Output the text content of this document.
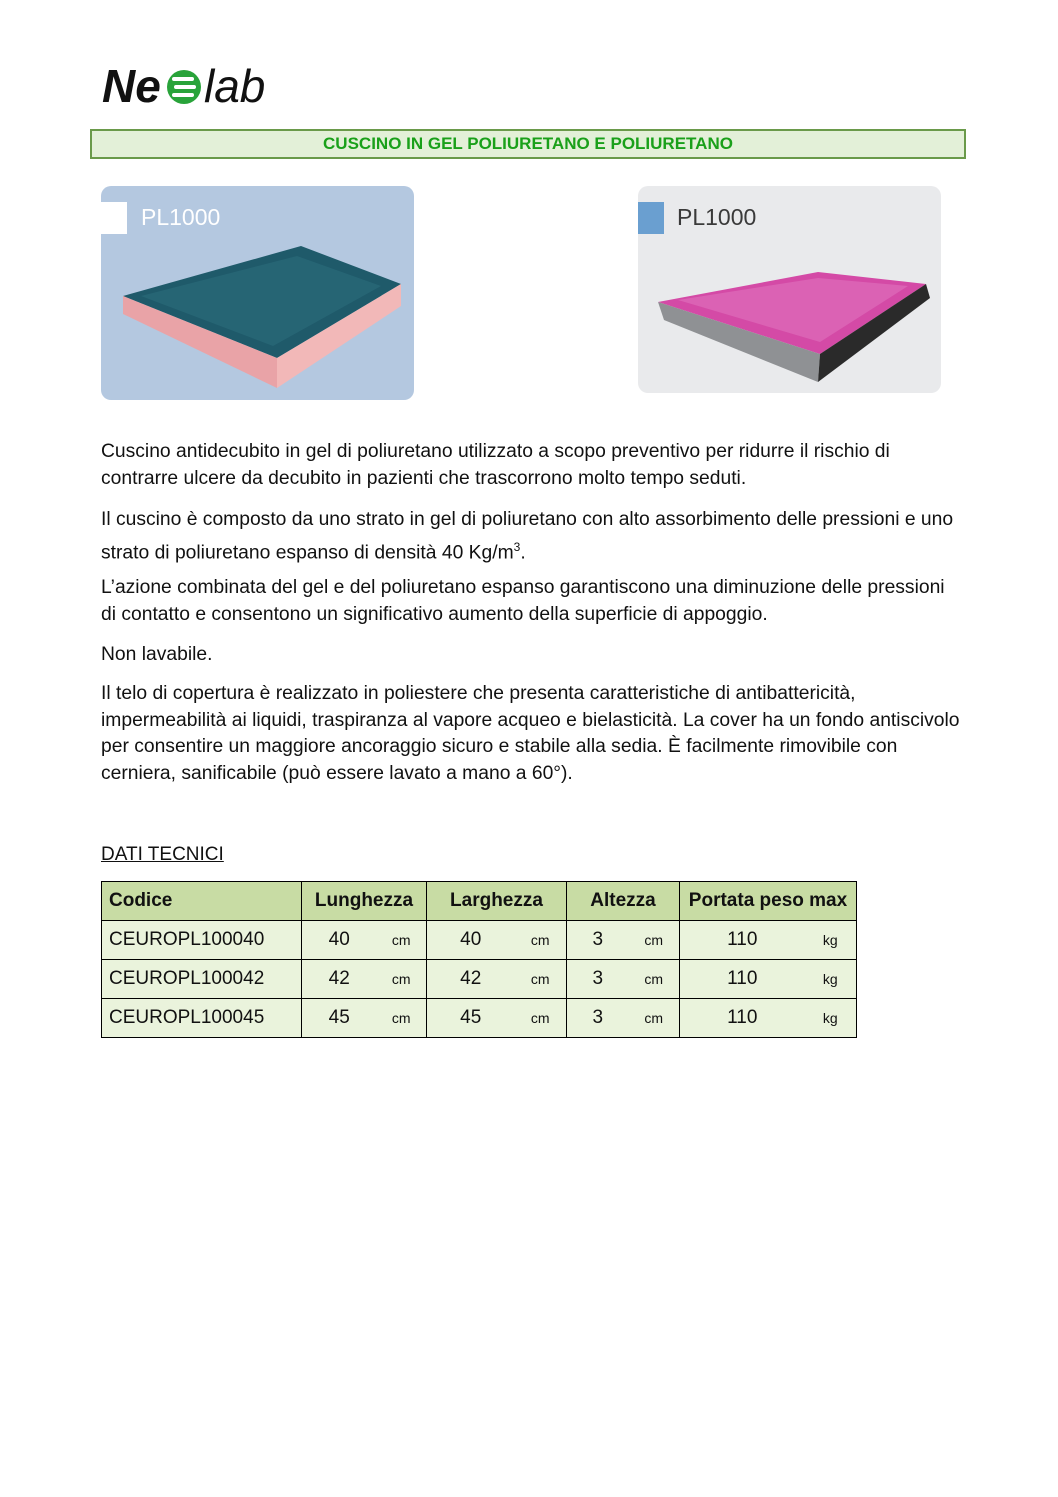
Ne lab
CUSCINO IN GEL POLIURETANO E POLIURETANO
PL1000	PL1000

Cuscino antidecubito in gel di poliuretano utilizzato a scopo preventivo per ridurre il rischio di contrarre ulcere da decubito in pazienti che trascorrono molto tempo seduti.

Il cuscino è composto da uno strato in gel di poliuretano con alto assorbimento delle pressioni e uno strato di poliuretano espanso di densità 40 $Kg/m^3$.

L’azione combinata del gel e del poliuretano espanso garantiscono una diminuzione delle pressioni di contatto e consentono un significativo aumento della superficie di appoggio.

Non lavabile.

Il telo di copertura è realizzato in poliestere che presenta caratteristiche di antibattericità, impermeabilità ai liquidi, traspiranza al vapore acqueo e bielasticità. La cover ha un fondo antiscivolo per consentire un maggiore ancoraggio sicuro e stabile alla sedia. È facilmente rimovibile con cerniera, sanificabile (può essere lavato a mano a 60°).

DATI TECNICI
Codice	Lunghezza		Larghezza		Altezza		Portata peso max	
CEUROPL100040	40	cm	40	cm	3	cm	110	kg
CEUROPL100042	42	cm	42	cm	3	cm	110	kg
CEUROPL100045	45	cm	45	cm	3	cm	110	kg
